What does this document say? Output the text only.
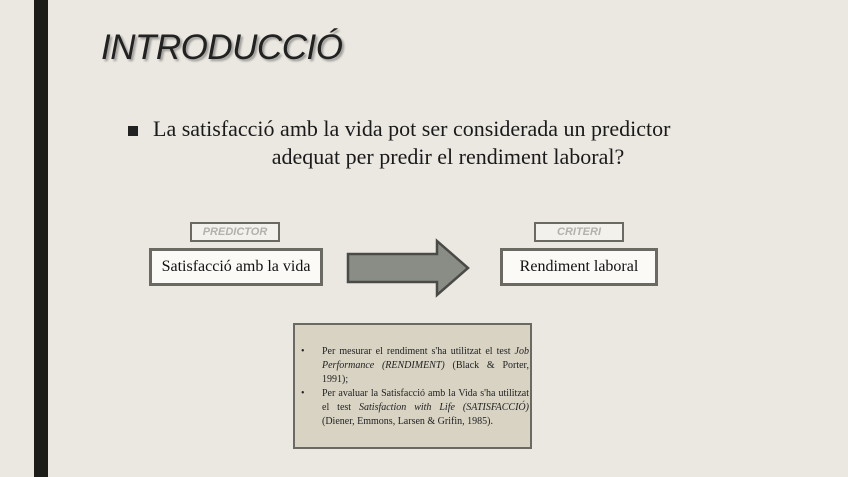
INTRODUCCIÓ
La satisfacció amb la vida pot ser considerada un predictor
adequat per predir el rendiment laboral?
PREDICTOR	CRITERI
Satisfacció amb la vida	Rendiment laboral
• Per mesurar el rendiment s'ha utilitzat el test Job Performance (RENDIMENT) (Black & Porter, 1991);
• Per avaluar la Satisfacció amb la Vida s'ha utilitzat el test Satisfaction with Life (SATISFACCIÓ) (Diener, Emmons, Larsen & Grifin, 1985).
